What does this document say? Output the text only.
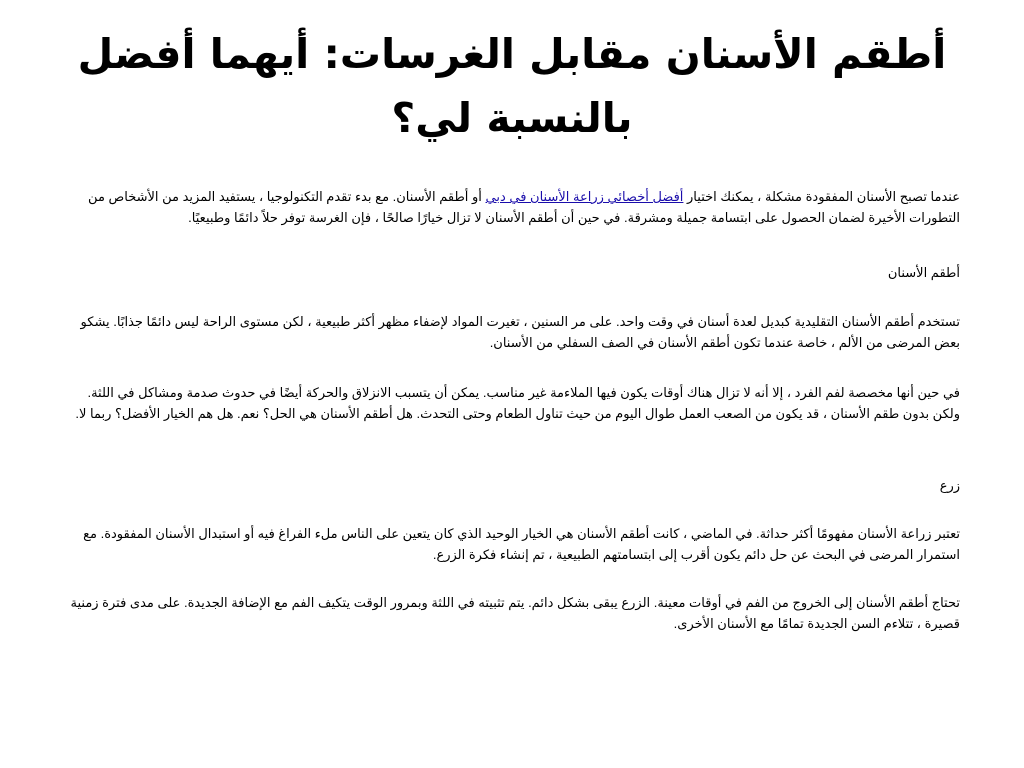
أطقم الأسنان مقابل الغرسات: أيهما أفضل بالنسبة لي؟

عندما تصبح الأسنان المفقودة مشكلة ، يمكنك اختيار أفضل أخصائي زراعة الأسنان في دبي أو أطقم الأسنان. مع بدء تقدم التكنولوجيا ، يستفيد المزيد من الأشخاص من التطورات الأخيرة لضمان الحصول على ابتسامة جميلة ومشرقة. في حين أن أطقم الأسنان لا تزال خيارًا صالحًا ، فإن الغرسة توفر حلاً دائمًا وطبيعيًا.

أطقم الأسنان

تستخدم أطقم الأسنان التقليدية كبديل لعدة أسنان في وقت واحد. على مر السنين ، تغيرت المواد لإضفاء مظهر أكثر طبيعية ، لكن مستوى الراحة ليس دائمًا جذابًا. يشكو بعض المرضى من الألم ، خاصة عندما تكون أطقم الأسنان في الصف السفلي من الأسنان.

في حين أنها مخصصة لفم الفرد ، إلا أنه لا تزال هناك أوقات يكون فيها الملاءمة غير مناسب. يمكن أن يتسبب الانزلاق والحركة أيضًا في حدوث صدمة ومشاكل في اللثة. ولكن بدون طقم الأسنان ، قد يكون من الصعب العمل طوال اليوم من حيث تناول الطعام وحتى التحدث. هل أطقم الأسنان هي الحل؟ نعم. هل هم الخيار الأفضل؟ ربما لا.

زرع

تعتبر زراعة الأسنان مفهومًا أكثر حداثة. في الماضي ، كانت أطقم الأسنان هي الخيار الوحيد الذي كان يتعين على الناس ملء الفراغ فيه أو استبدال الأسنان المفقودة. مع استمرار المرضى في البحث عن حل دائم يكون أقرب إلى ابتسامتهم الطبيعية ، تم إنشاء فكرة الزرع.

تحتاج أطقم الأسنان إلى الخروج من الفم في أوقات معينة. الزرع يبقى بشكل دائم. يتم تثبيته في اللثة وبمرور الوقت يتكيف الفم مع الإضافة الجديدة. على مدى فترة زمنية قصيرة ، تتلاءم السن الجديدة تمامًا مع الأسنان الأخرى.
